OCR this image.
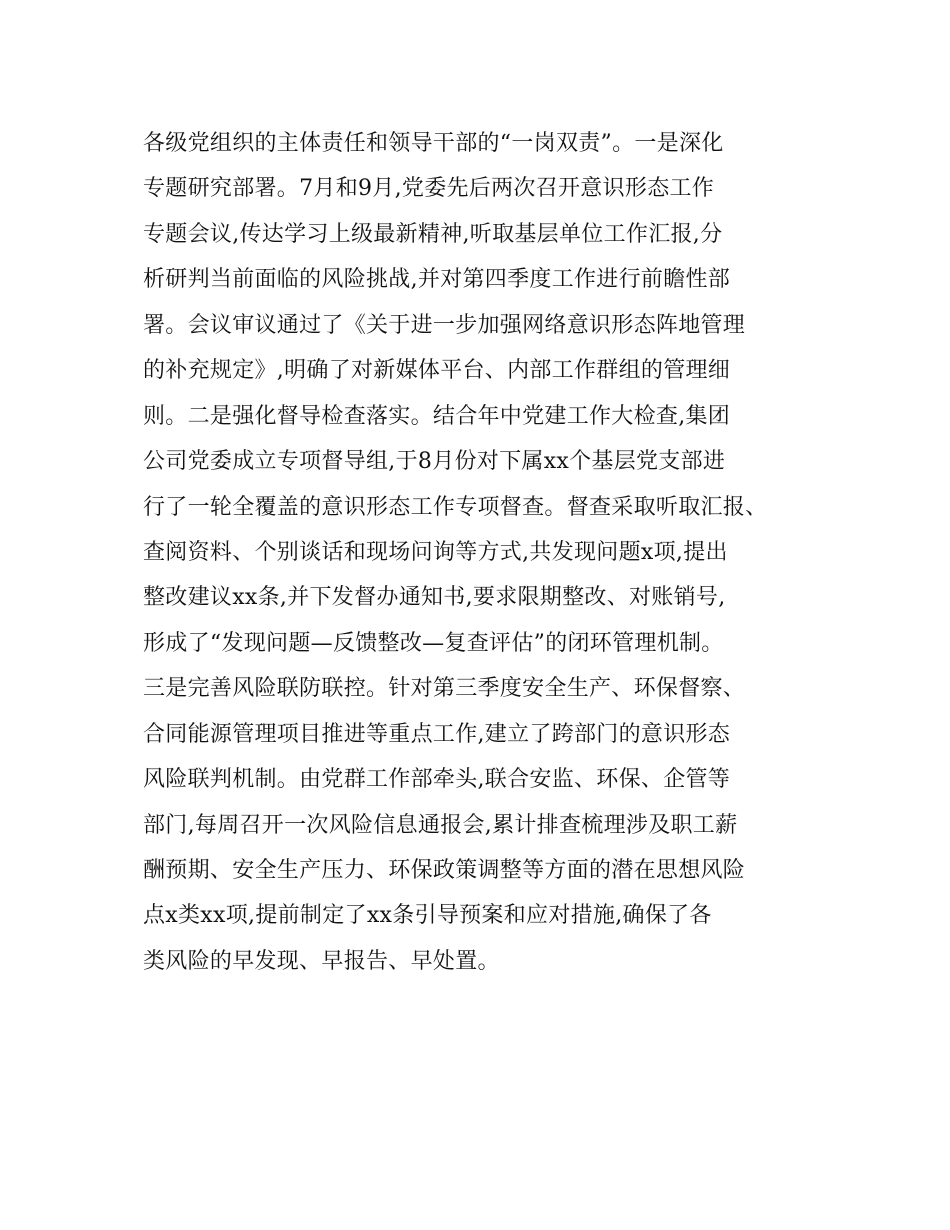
各级党组织的主体责任和领导干部的“一岗双责”。一是深化
专题研究部署。7月和9月,党委先后两次召开意识形态工作
专题会议,传达学习上级最新精神,听取基层单位工作汇报,分
析研判当前面临的风险挑战,并对第四季度工作进行前瞻性部
署。会议审议通过了《关于进一步加强网络意识形态阵地管理
的补充规定》,明确了对新媒体平台、内部工作群组的管理细
则。二是强化督导检查落实。结合年中党建工作大检查,集团
公司党委成立专项督导组,于8月份对下属xx个基层党支部进
行了一轮全覆盖的意识形态工作专项督查。督查采取听取汇报、
查阅资料、个别谈话和现场问询等方式,共发现问题x项,提出
整改建议xx条,并下发督办通知书,要求限期整改、对账销号,
形成了“发现问题—反馈整改—复查评估”的闭环管理机制。
三是完善风险联防联控。针对第三季度安全生产、环保督察、
合同能源管理项目推进等重点工作,建立了跨部门的意识形态
风险联判机制。由党群工作部牵头,联合安监、环保、企管等
部门,每周召开一次风险信息通报会,累计排查梳理涉及职工薪
酬预期、安全生产压力、环保政策调整等方面的潜在思想风险
点x类xx项,提前制定了xx条引导预案和应对措施,确保了各
类风险的早发现、早报告、早处置。
